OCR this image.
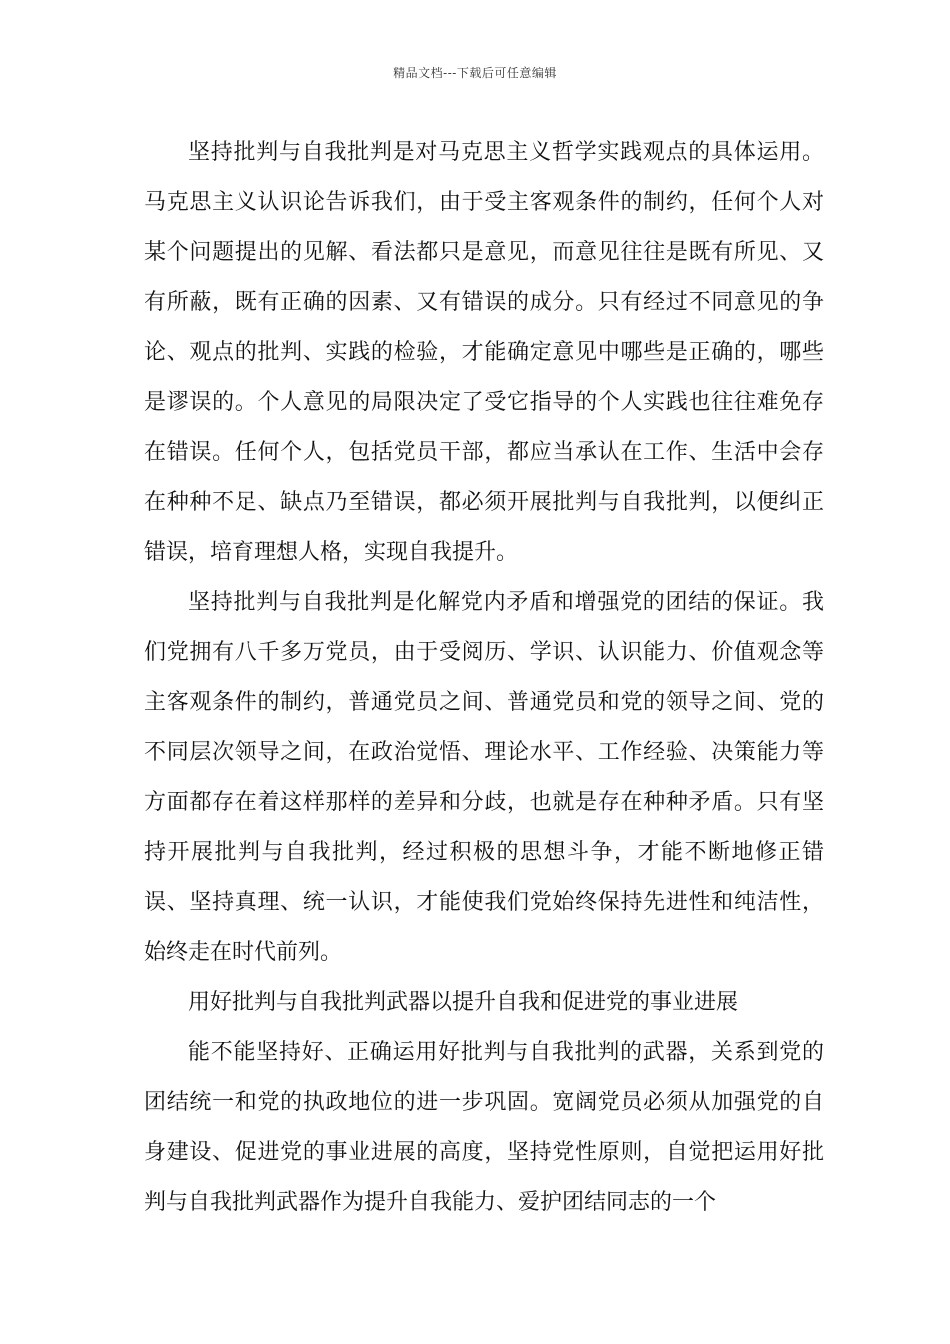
精品文档---下载后可任意编辑

坚持批判与自我批判是对马克思主义哲学实践观点的具体运用。马克思主义认识论告诉我们，由于受主客观条件的制约，任何个人对某个问题提出的见解、看法都只是意见，而意见往往是既有所见、又有所蔽，既有正确的因素、又有错误的成分。只有经过不同意见的争论、观点的批判、实践的检验，才能确定意见中哪些是正确的，哪些是谬误的。个人意见的局限决定了受它指导的个人实践也往往难免存在错误。任何个人，包括党员干部，都应当承认在工作、生活中会存在种种不足、缺点乃至错误，都必须开展批判与自我批判，以便纠正错误，培育理想人格，实现自我提升。

坚持批判与自我批判是化解党内矛盾和增强党的团结的保证。我们党拥有八千多万党员，由于受阅历、学识、认识能力、价值观念等主客观条件的制约，普通党员之间、普通党员和党的领导之间、党的不同层次领导之间，在政治觉悟、理论水平、工作经验、决策能力等方面都存在着这样那样的差异和分歧，也就是存在种种矛盾。只有坚持开展批判与自我批判，经过积极的思想斗争，才能不断地修正错误、坚持真理、统一认识，才能使我们党始终保持先进性和纯洁性，始终走在时代前列。

用好批判与自我批判武器以提升自我和促进党的事业进展

能不能坚持好、正确运用好批判与自我批判的武器，关系到党的团结统一和党的执政地位的进一步巩固。宽阔党员必须从加强党的自身建设、促进党的事业进展的高度，坚持党性原则，自觉把运用好批判与自我批判武器作为提升自我能力、爱护团结同志的一个
